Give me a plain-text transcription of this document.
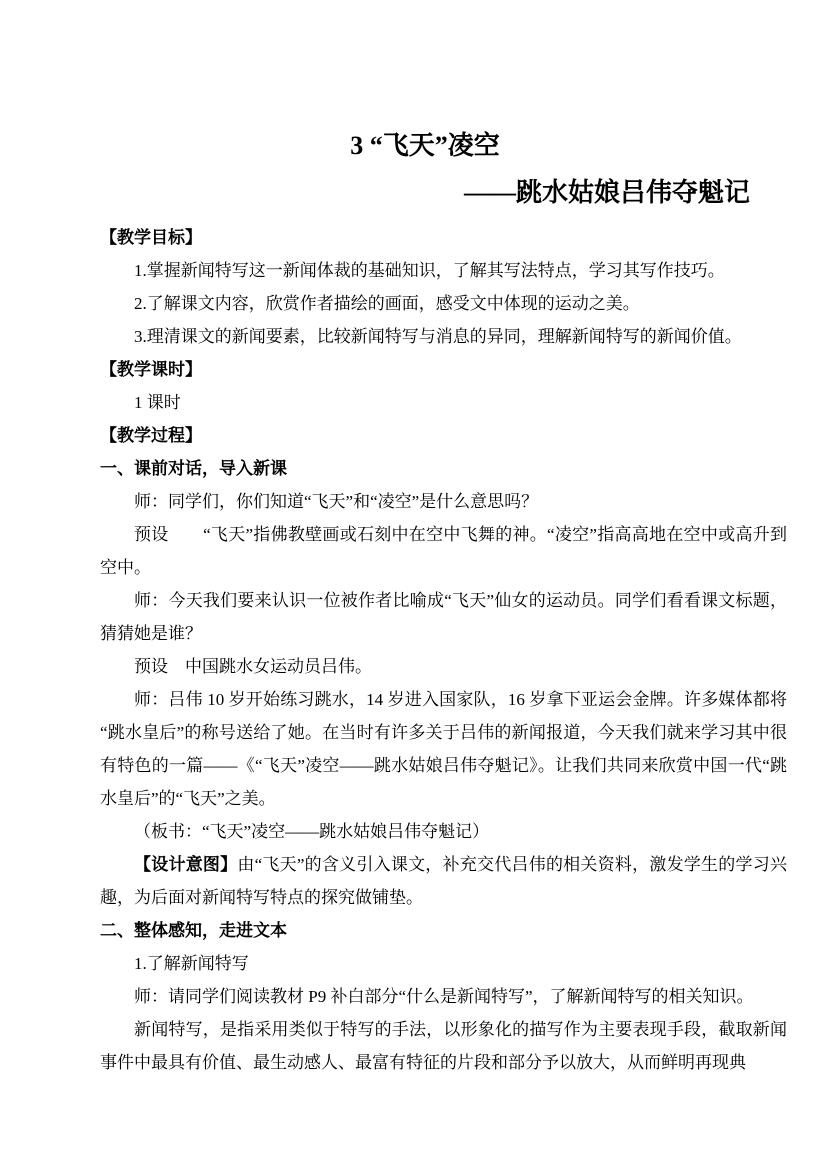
3 “飞天”凌空
——跳水姑娘吕伟夺魁记

【教学目标】

1.掌握新闻特写这一新闻体裁的基础知识，了解其写法特点，学习其写作技巧。

2.了解课文内容，欣赏作者描绘的画面，感受文中体现的运动之美。

3.理清课文的新闻要素，比较新闻特写与消息的异同，理解新闻特写的新闻价值。

【教学课时】

1 课时

【教学过程】

一、课前对话，导入新课

师：同学们，你们知道“飞天”和“凌空”是什么意思吗？

预设　　“飞天”指佛教壁画或石刻中在空中飞舞的神。“凌空”指高高地在空中或高升到空中。

师：今天我们要来认识一位被作者比喻成“飞天”仙女的运动员。同学们看看课文标题，猜猜她是谁？

预设　中国跳水女运动员吕伟。

师：吕伟 10 岁开始练习跳水，14 岁进入国家队，16 岁拿下亚运会金牌。许多媒体都将“跳水皇后”的称号送给了她。在当时有许多关于吕伟的新闻报道，今天我们就来学习其中很有特色的一篇——《“飞天”凌空——跳水姑娘吕伟夺魁记》。让我们共同来欣赏中国一代“跳水皇后”的“飞天”之美。

（板书：“飞天”凌空——跳水姑娘吕伟夺魁记）

【设计意图】由“飞天”的含义引入课文，补充交代吕伟的相关资料，激发学生的学习兴趣，为后面对新闻特写特点的探究做铺垫。

二、整体感知，走进文本

1.了解新闻特写

师：请同学们阅读教材 P9 补白部分“什么是新闻特写”，了解新闻特写的相关知识。

新闻特写，是指采用类似于特写的手法，以形象化的描写作为主要表现手段，截取新闻事件中最具有价值、最生动感人、最富有特征的片段和部分予以放大，从而鲜明再现典
